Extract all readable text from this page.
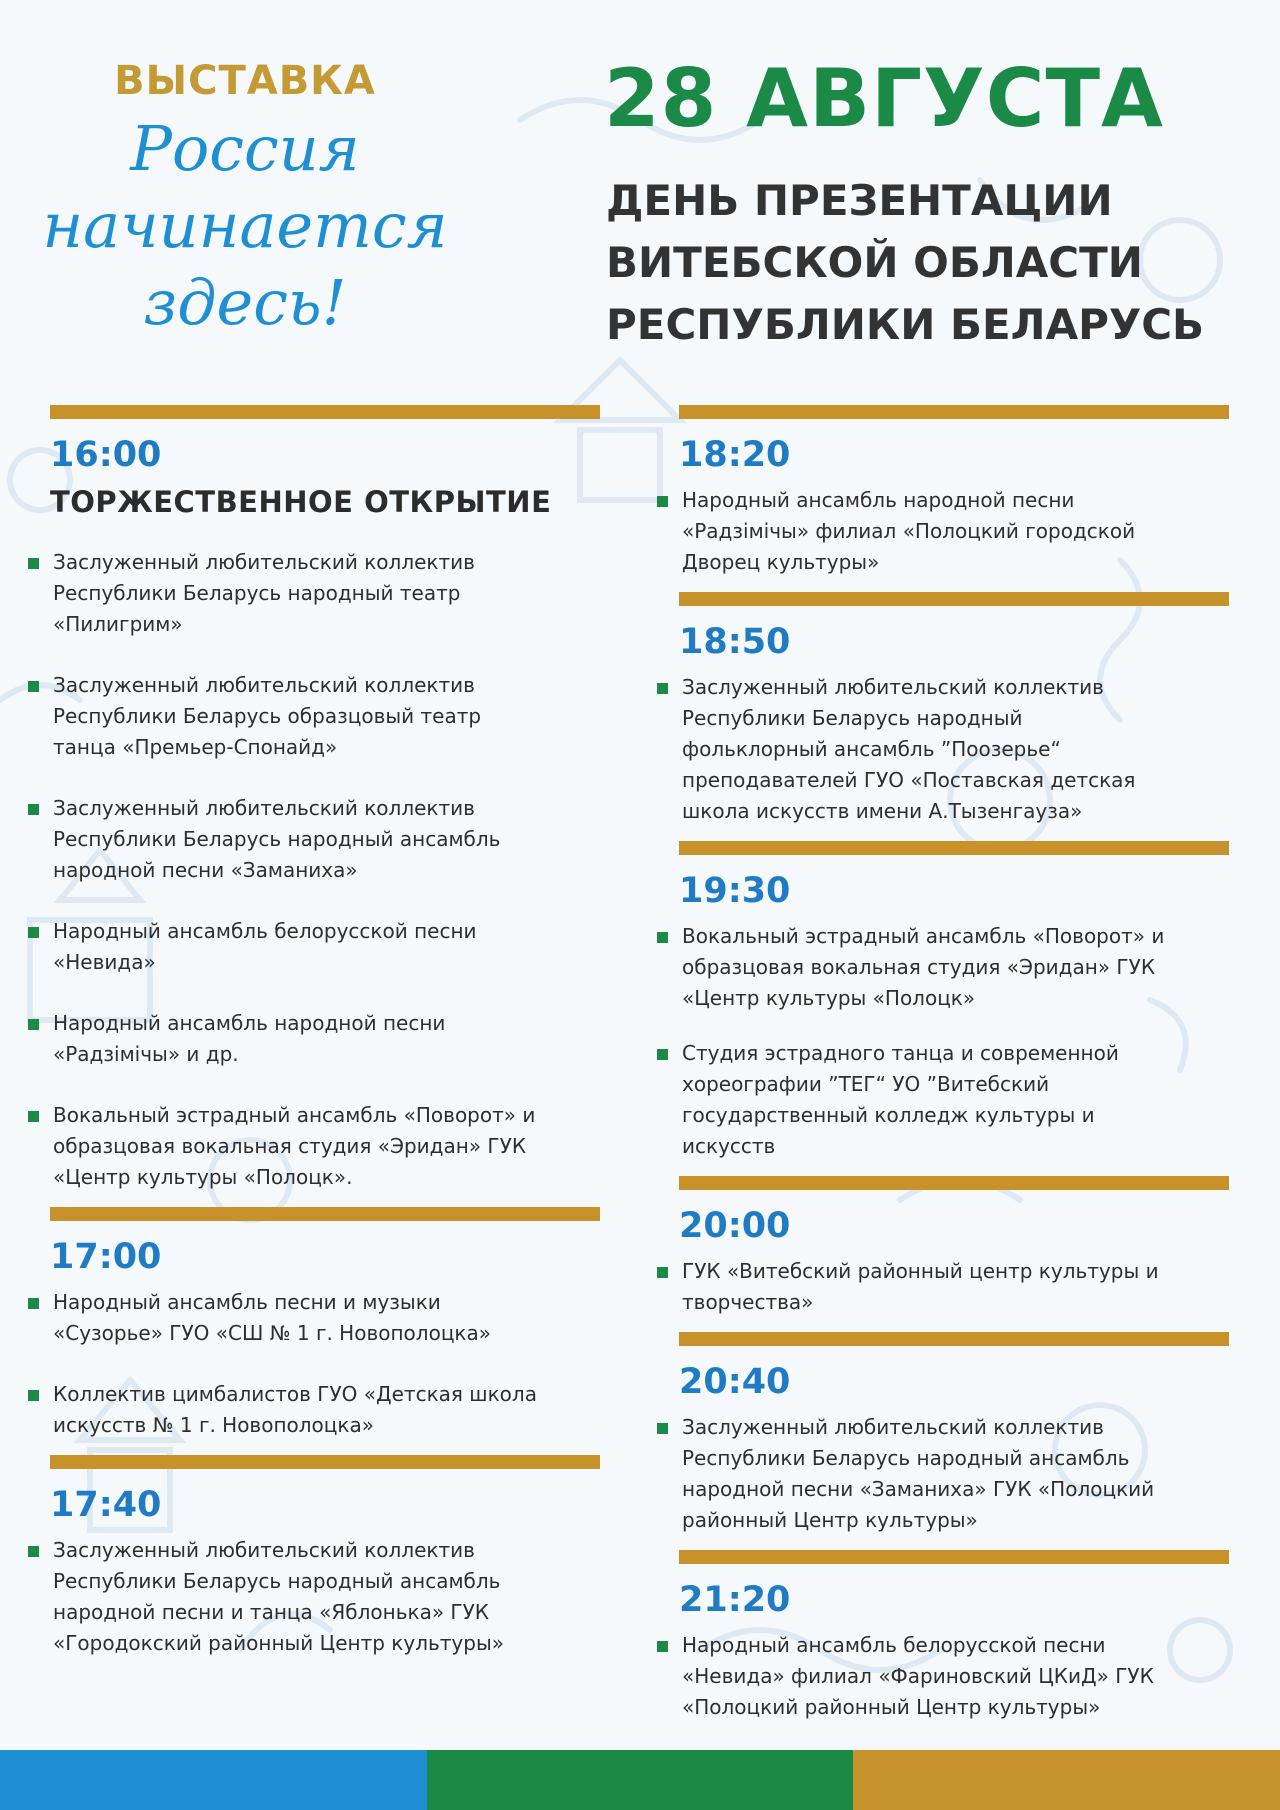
ВЫСТАВКА
Россия
начинается
здесь!
28 АВГУСТА
ДЕНЬ ПРЕЗЕНТАЦИИ
ВИТЕБСКОЙ ОБЛАСТИ
РЕСПУБЛИКИ БЕЛАРУСЬ
16:00
ТОРЖЕСТВЕННОЕ ОТКРЫТИЕ
Заслуженный любительский коллектив
Республики Беларусь народный театр
«Пилигрим»
Заслуженный любительский коллектив
Республики Беларусь образцовый театр
танца «Премьер-Спонайд»
Заслуженный любительский коллектив
Республики Беларусь народный ансамбль
народной песни «Заманиха»
Народный ансамбль белорусской песни
«Невида»
Народный ансамбль народной песни
«Радзімічы» и др.
Вокальный эстрадный ансамбль «Поворот» и
образцовая вокальная студия «Эридан» ГУК
«Центр культуры «Полоцк».
17:00
Народный ансамбль песни и музыки
«Сузорье» ГУО «СШ № 1 г. Новополоцка»
Коллектив цимбалистов ГУО «Детская школа
искусств № 1 г. Новополоцка»
17:40
Заслуженный любительский коллектив
Республики Беларусь народный ансамбль
народной песни и танца «Яблонька» ГУК
«Городокский районный Центр культуры»
18:20
Народный ансамбль народной песни
«Радзімічы» филиал «Полоцкий городской
Дворец культуры»
18:50
Заслуженный любительский коллектив
Республики Беларусь народный
фольклорный ансамбль ”Поозерье“
преподавателей ГУО «Поставская детская
школа искусств имени А.Тызенгауза»
19:30
Вокальный эстрадный ансамбль «Поворот» и
образцовая вокальная студия «Эридан» ГУК
«Центр культуры «Полоцк»
Студия эстрадного танца и современной
хореографии ”ТЕГ“ УО ”Витебский
государственный колледж культуры и
искусств
20:00
ГУК «Витебский районный центр культуры и
творчества»
20:40
Заслуженный любительский коллектив
Республики Беларусь народный ансамбль
народной песни «Заманиха» ГУК «Полоцкий
районный Центр культуры»
21:20
Народный ансамбль белорусской песни
«Невида» филиал «Фариновский ЦКиД» ГУК
«Полоцкий районный Центр культуры»
